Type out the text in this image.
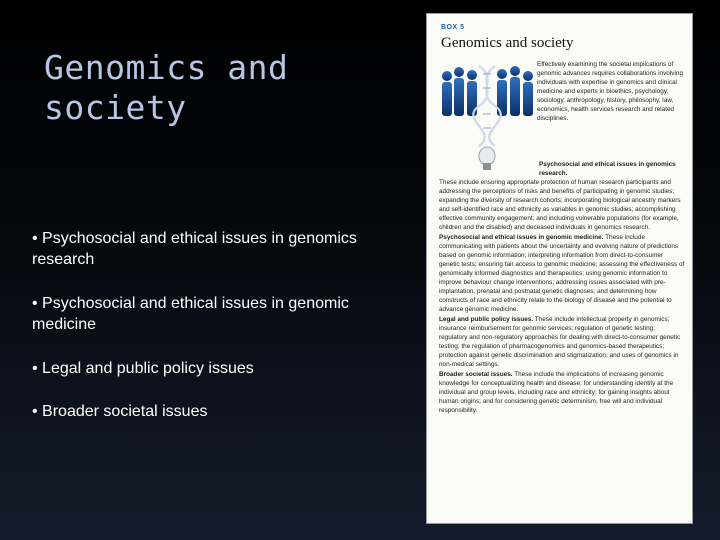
Genomics and society
• Psychosocial and ethical issues in genomics research
• Psychosocial and ethical issues in genomic medicine
• Legal and public policy issues
• Broader societal issues
BOX 5
Genomics and society
Effectively examining the societal implications of genomic advances requires collaborations involving individuals with expertise in genomics and clinical medicine and experts in bioethics, psychology, sociology, anthropology, history, philosophy, law, economics, health services research and related disciplines.
Psychosocial and ethical issues in genomics research. These include ensuring appropriate protection of human research participants and addressing the perceptions of risks and benefits of participating in genomic studies; expanding the diversity of research cohorts; incorporating biological ancestry markers and self-identified race and ethnicity as variables in genomic studies; accomplishing effective community engagement; and including vulnerable populations (for example, children and the disabled) and deceased individuals in genomics research.
Psychosocial and ethical issues in genomic medicine. These include communicating with patients about the uncertainty and evolving nature of predictions based on genomic information; interpreting information from direct-to-consumer genetic tests; ensuring fair access to genomic medicine; assessing the effectiveness of genomically informed diagnostics and therapeutics; using genomic information to improve behaviour change interventions; addressing issues associated with pre-implantation, prenatal and postnatal genetic diagnoses; and determining how constructs of race and ethnicity relate to the biology of disease and the potential to advance genomic medicine.
Legal and public policy issues. These include intellectual property in genomics; insurance reimbursement for genomic services; regulation of genetic testing; regulatory and non-regulatory approaches for dealing with direct-to-consumer genetic testing; the regulation of pharmacogenomics and genomics-based therapeutics; protection against genetic discrimination and stigmatization; and uses of genomics in non-medical settings.
Broader societal issues. These include the implications of increasing genomic knowledge for conceptualizing health and disease; for understanding identity at the individual and group levels, including race and ethnicity; for gaining insights about human origins; and for considering genetic determinism, free will and individual responsibility.
